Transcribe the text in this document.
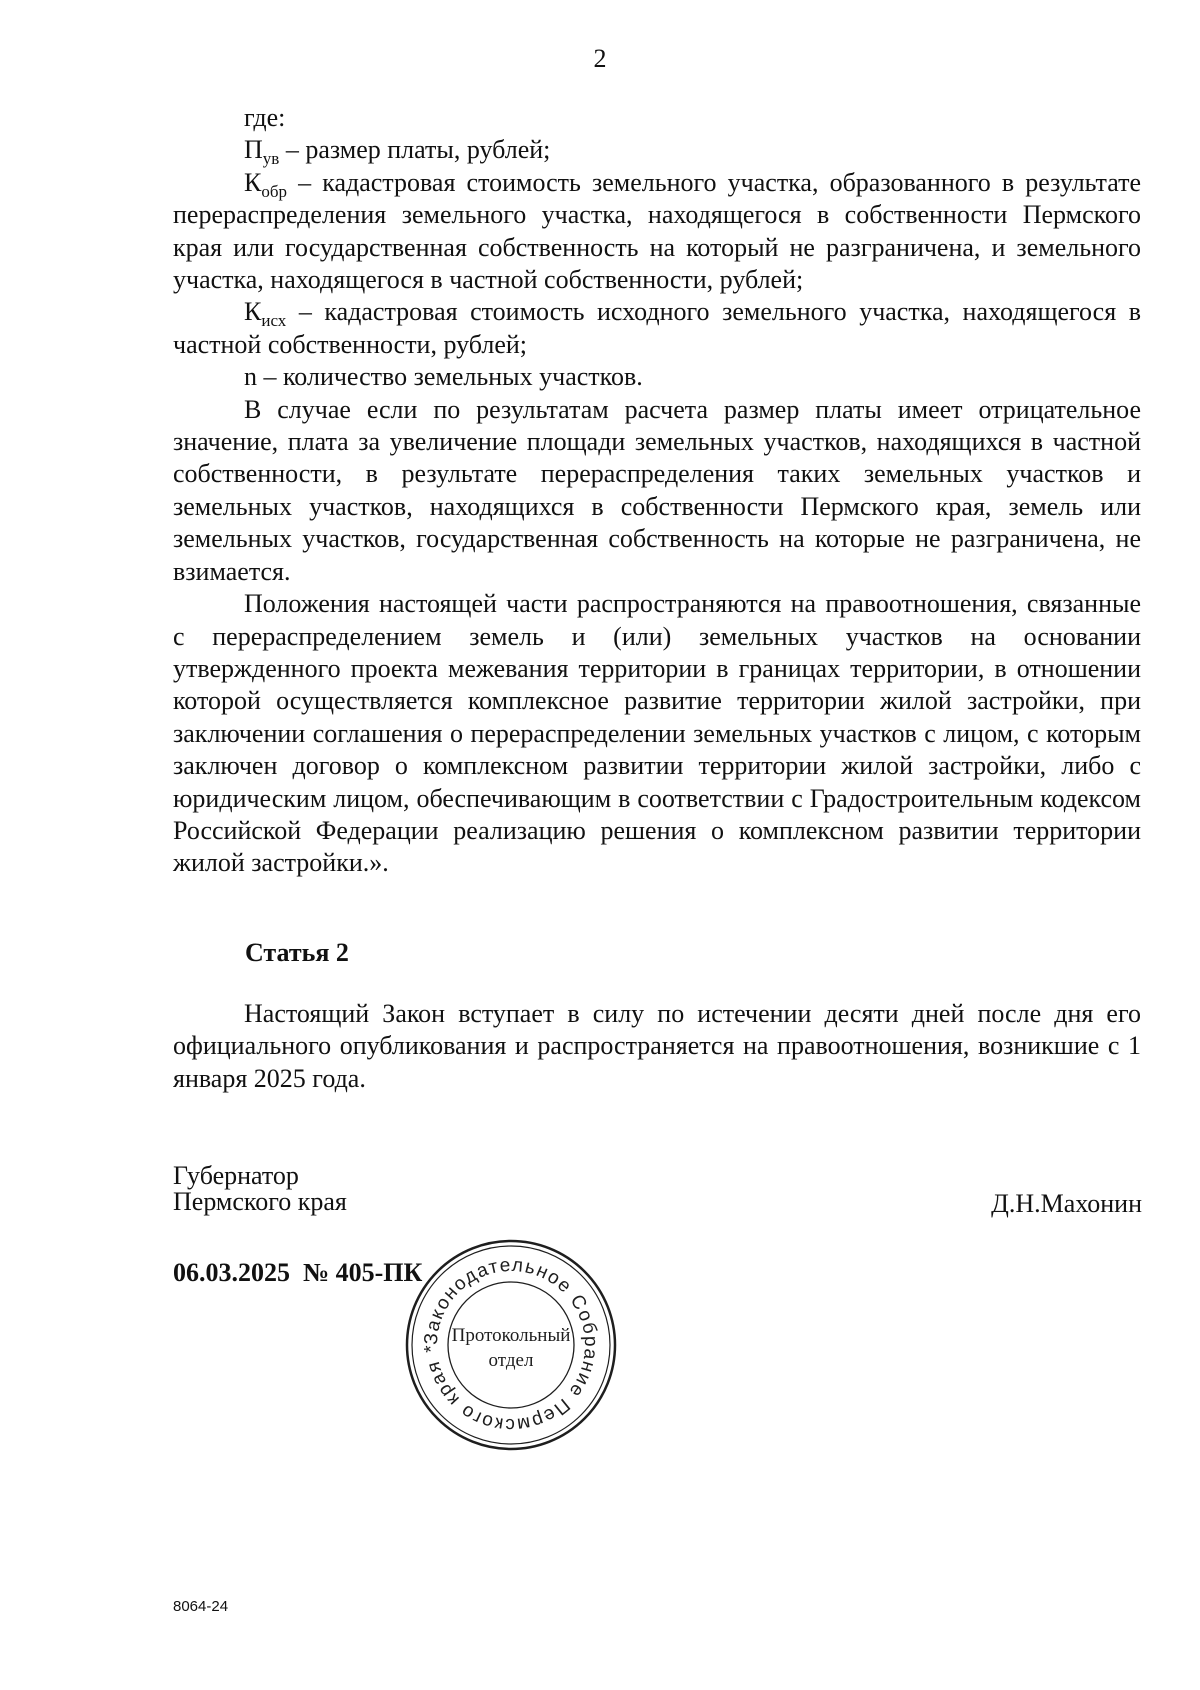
2

где:

$П_{ув}$ – размер платы, рублей;

$К_{обр}$ – кадастровая стоимость земельного участка, образованного в результате перераспределения земельного участка, находящегося в собственности Пермского края или государственная собственность на который не разграничена, и земельного участка, находящегося в частной собственности, рублей;

$К_{исх}$ – кадастровая стоимость исходного земельного участка, находящегося в частной собственности, рублей;

n – количество земельных участков.

В случае если по результатам расчета размер платы имеет отрицательное значение, плата за увеличение площади земельных участков, находящихся в частной собственности, в результате перераспределения таких земельных участков и земельных участков, находящихся в собственности Пермского края, земель или земельных участков, государственная собственность на которые не разграничена, не взимается.

Положения настоящей части распространяются на правоотношения, связанные с перераспределением земель и (или) земельных участков на основании утвержденного проекта межевания территории в границах территории, в отношении которой осуществляется комплексное развитие территории жилой застройки, при заключении соглашения о перераспределении земельных участков с лицом, с которым заключен договор о комплексном развитии территории жилой застройки, либо с юридическим лицом, обеспечивающим в соответствии с Градостроительным кодексом Российской Федерации реализацию решения о комплексном развитии территории жилой застройки.».

Статья 2

Настоящий Закон вступает в силу по истечении десяти дней после дня его официального опубликования и распространяется на правоотношения, возникшие с 1 января 2025 года.

Губернатор
Пермского края	Д.Н.Махонин
06.03.2025  № 405-ПК
Законодательное Собрание Пермского края *
Протокольный
отдел
8064-24
